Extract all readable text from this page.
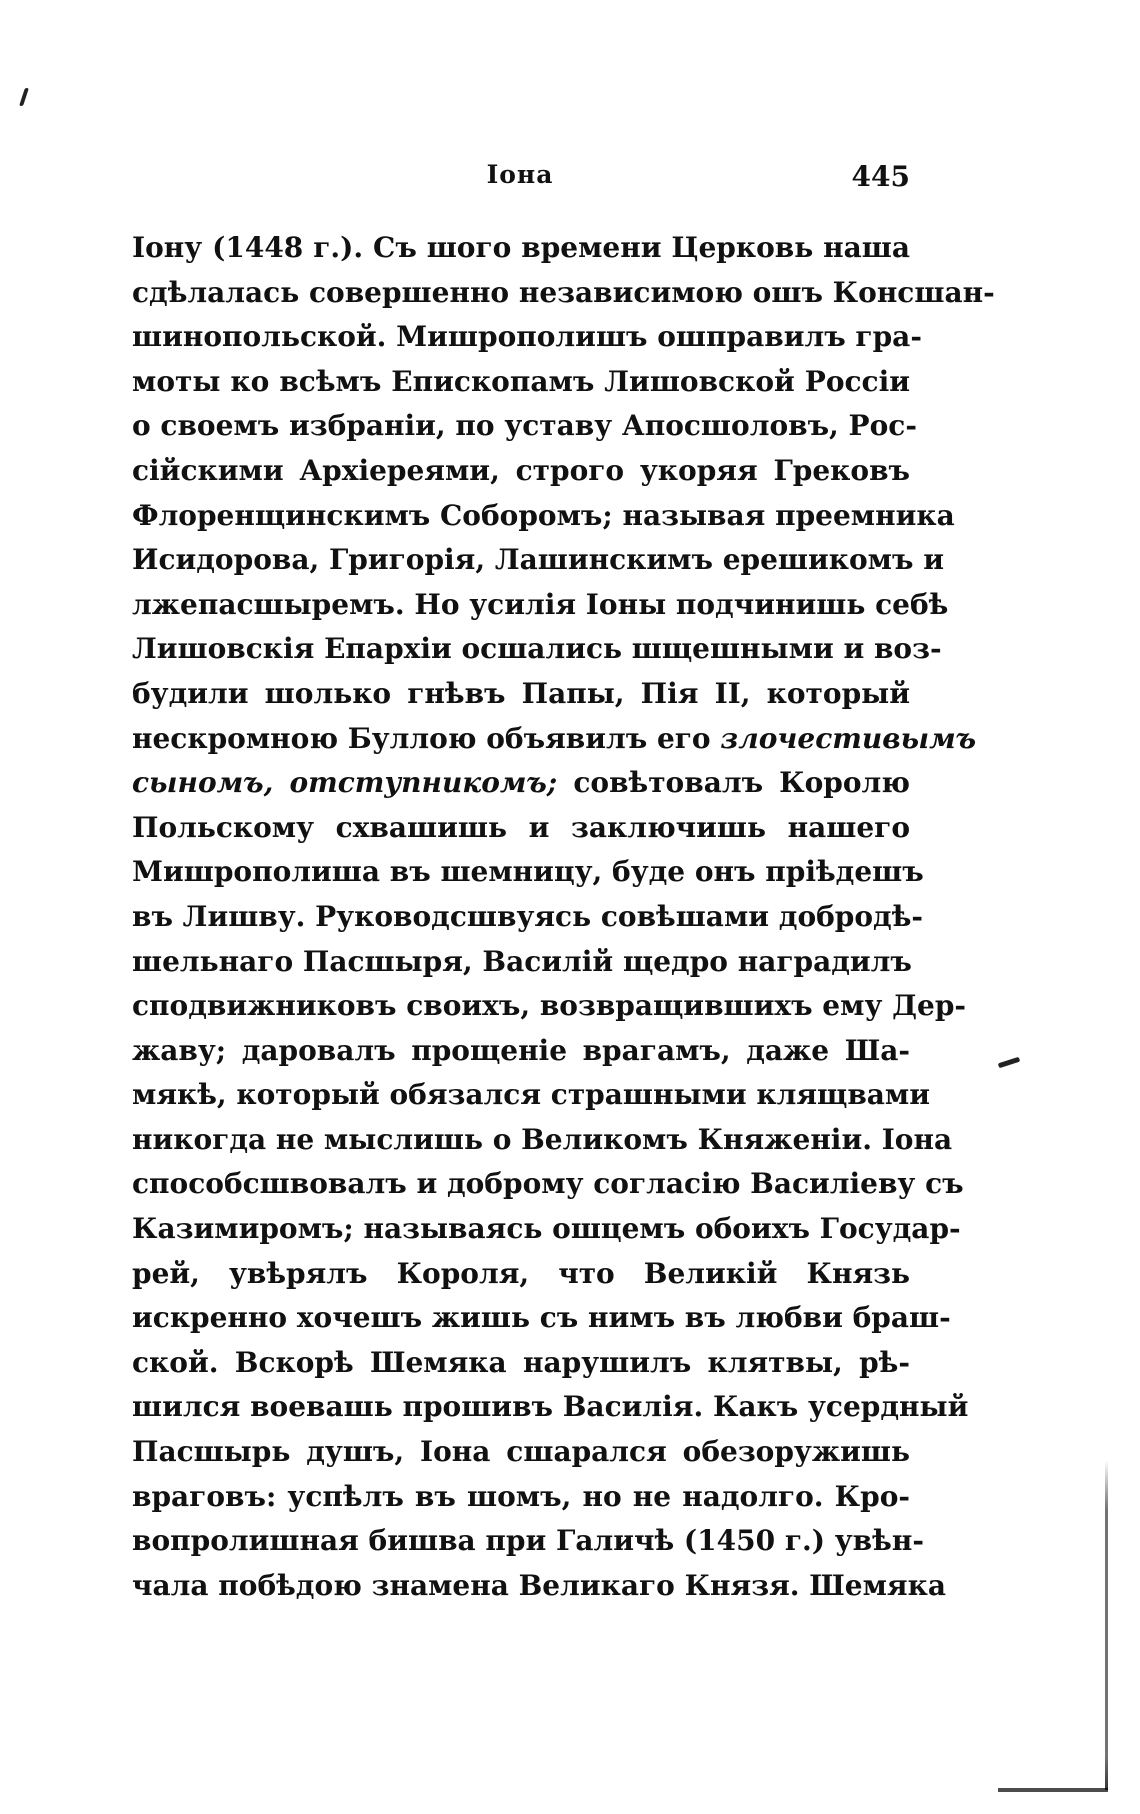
Іона	445
Іону (1448 г.). Съ шого времени Церковь наша
сдѣлалась совершенно независимою ошъ Консшан-
шинопольской. Мишрополишъ ошправилъ гра-
моты ко всѣмъ Епископамъ Лишовской Россіи
о своемъ избраніи, по уставу Апосшоловъ, Рос-
сійскими Архіереями, строго укоряя Грековъ
Флоренщинскимъ Соборомъ; называя преемника
Исидорова, Григорія, Лашинскимъ ерешикомъ и
лжепасшыремъ. Но усилія Іоны подчинишь себѣ
Лишовскія Епархіи осшались шщешными и воз-
будили шолько гнѣвъ Папы, Пія II, который
нескромною Буллою объявилъ его злочестивымъ
сыномъ, отступникомъ; совѣтовалъ Королю
Польскому схвашишь и заключишь нашего
Мишрополиша въ шемницу, буде онъ пріѣдешъ
въ Лишву. Руководсшвуясь совѣшами добродѣ-
шельнаго Пасшыря, Василій щедро наградилъ
сподвижниковъ своихъ, возвращившихъ ему Дер-
жаву; даровалъ прощеніе врагамъ, даже Ша-
мякѣ, который обязался страшными клящвами
никогда не мыслишь о Великомъ Княженіи. Іона
способсшвовалъ и доброму согласію Василіеву съ
Казимиромъ; называясь ошцемъ обоихъ Государ-
рей, увѣрялъ Короля, что Великій Князь
искренно хочешъ жишь съ нимъ въ любви браш-
ской. Вскорѣ Шемяка нарушилъ клятвы, рѣ-
шился воевашь прошивъ Василія. Какъ усердный
Пасшырь душъ, Іона сшарался обезоружишь
враговъ: успѣлъ въ шомъ, но не надолго. Кро-
вопролишная бишва при Галичѣ (1450 г.) увѣн-
чала побѣдою знамена Великаго Князя. Шемяка
